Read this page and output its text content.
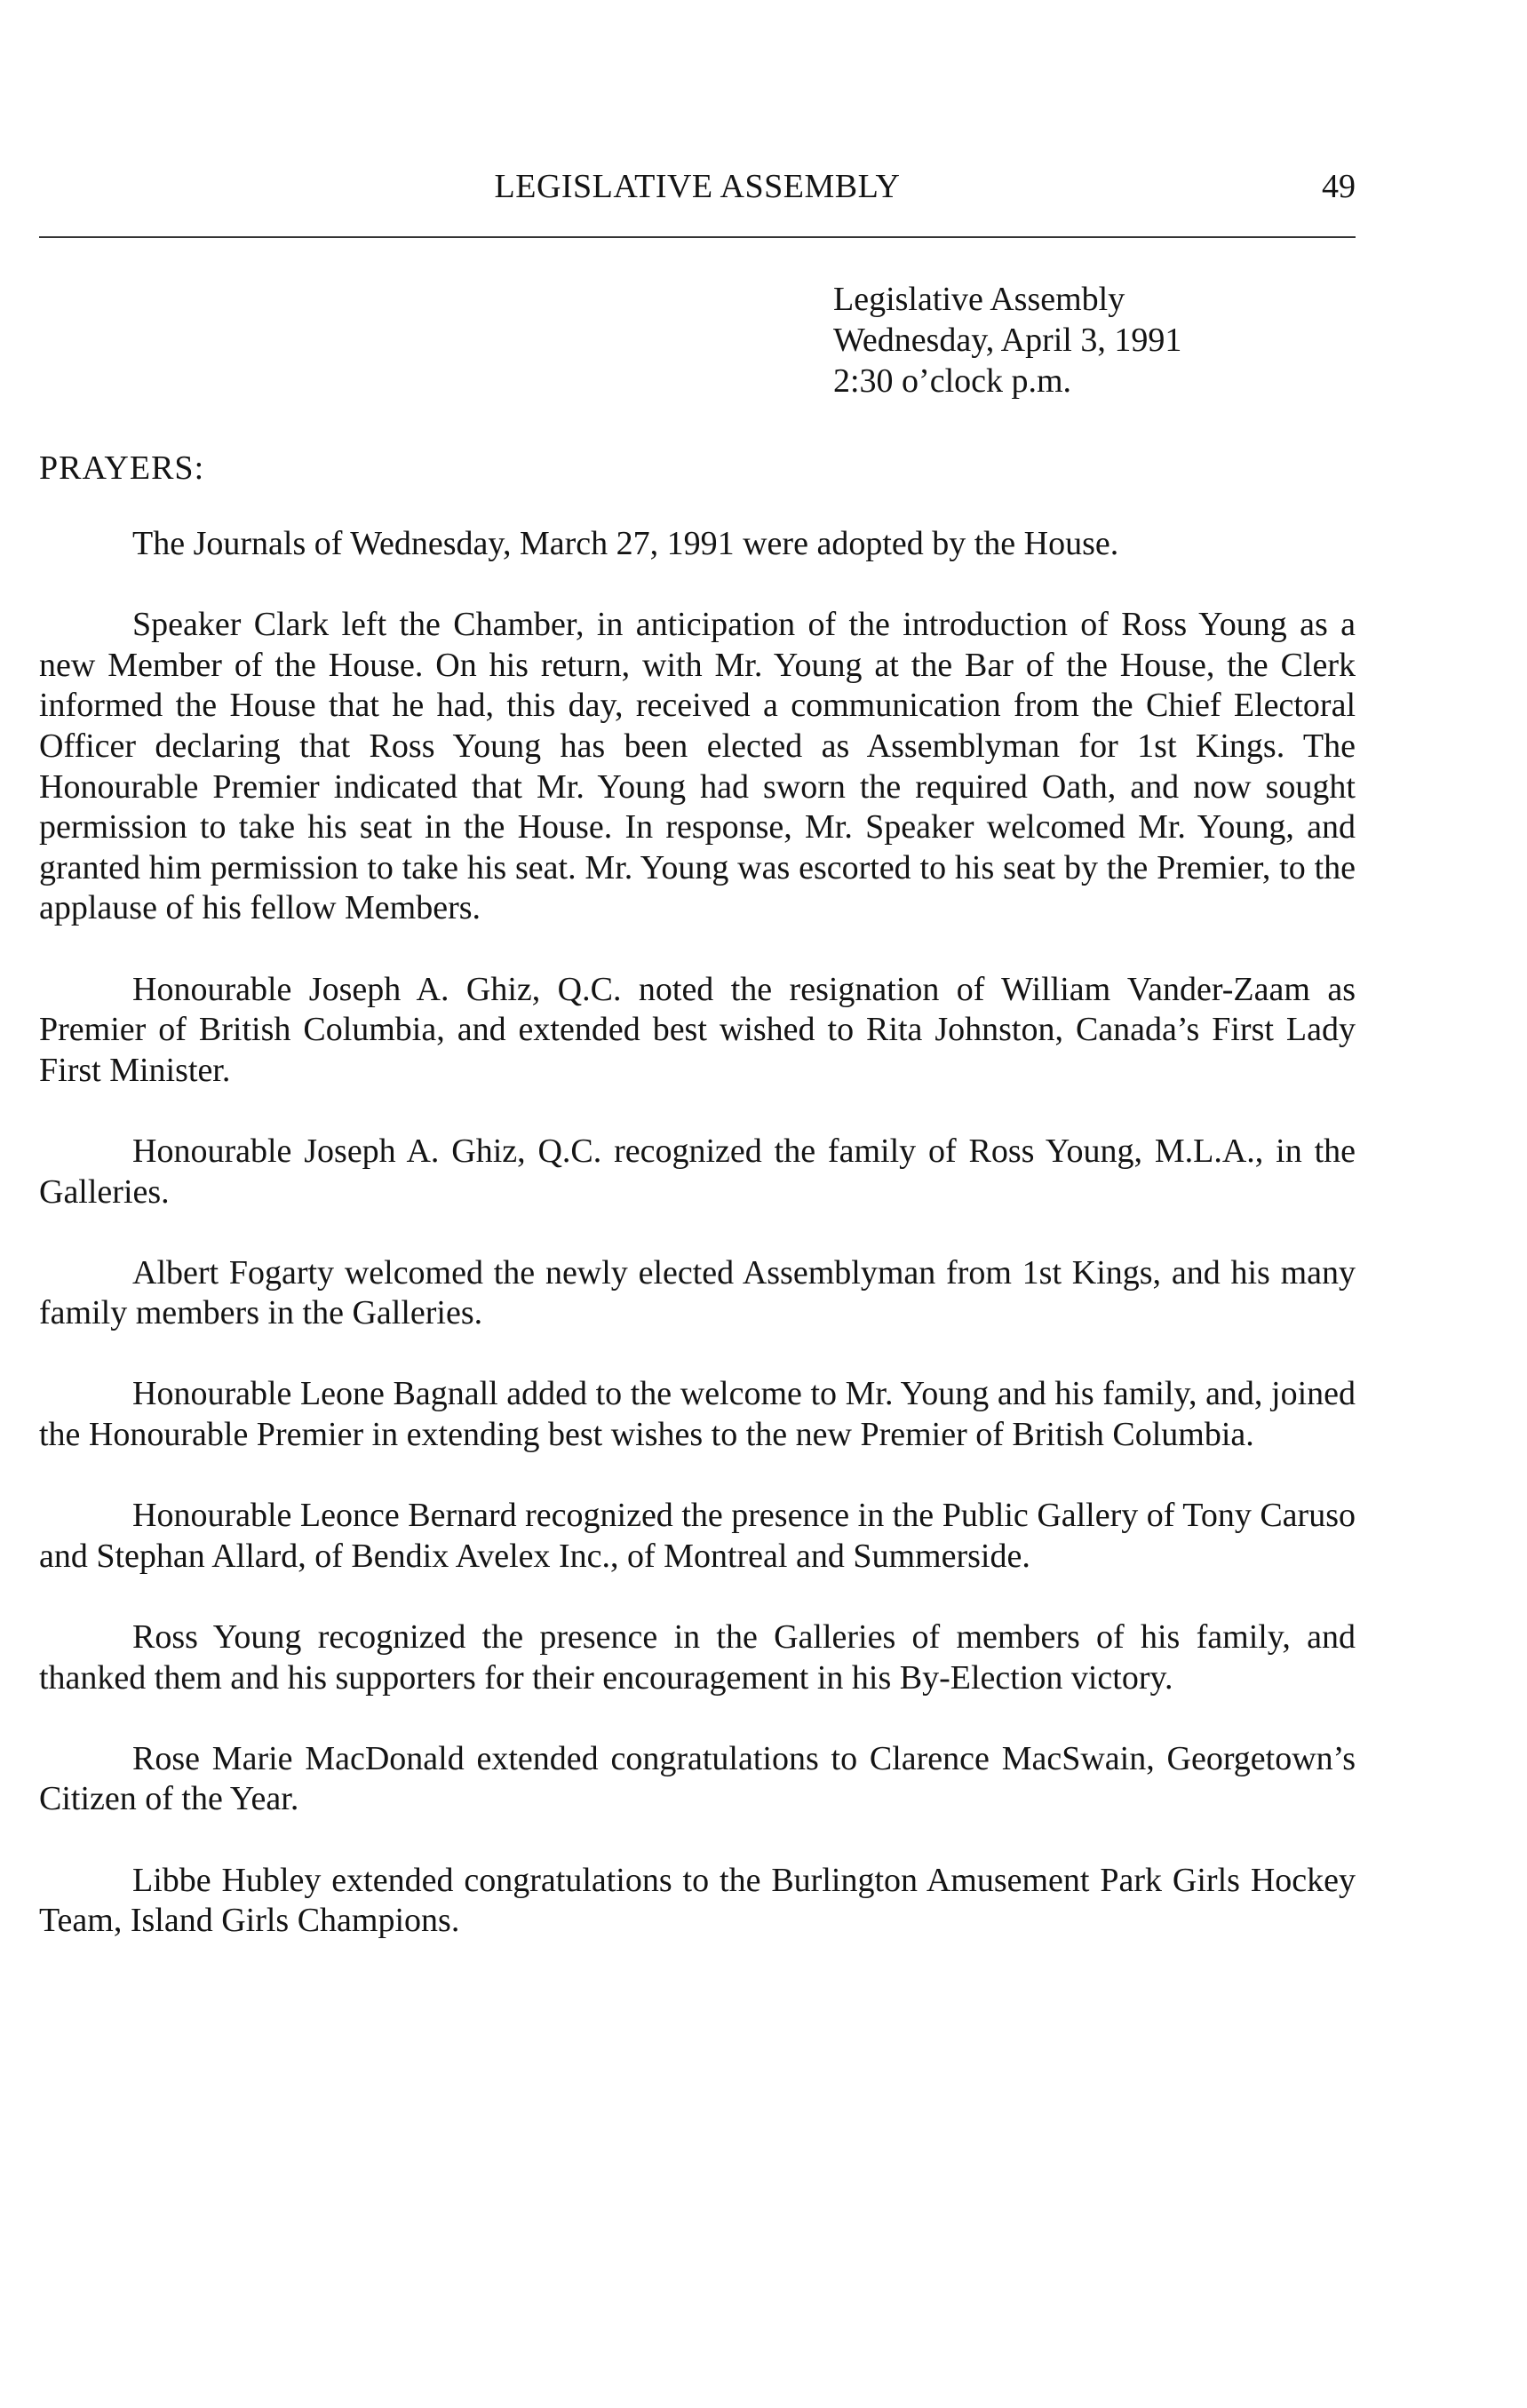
LEGISLATIVE ASSEMBLY	49
Legislative Assembly
Wednesday, April 3, 1991
2:30 o’clock p.m.
PRAYERS:

The Journals of Wednesday, March 27, 1991 were adopted by the House.

Speaker Clark left the Chamber, in anticipation of the introduction of Ross Young as a new Member of the House. On his return, with Mr. Young at the Bar of the House, the Clerk informed the House that he had, this day, received a communication from the Chief Electoral Officer declaring that Ross Young has been elected as Assemblyman for 1st Kings. The Honourable Premier indicated that Mr. Young had sworn the required Oath, and now sought permission to take his seat in the House. In response, Mr. Speaker welcomed Mr. Young, and granted him permission to take his seat. Mr. Young was escorted to his seat by the Premier, to the applause of his fellow Members.

Honourable Joseph A. Ghiz, Q.C. noted the resignation of William Vander-Zaam as Premier of British Columbia, and extended best wished to Rita Johnston, Canada’s First Lady First Minister.

Honourable Joseph A. Ghiz, Q.C. recognized the family of Ross Young, M.L.A., in the Galleries.

Albert Fogarty welcomed the newly elected Assemblyman from 1st Kings, and his many family members in the Galleries.

Honourable Leone Bagnall added to the welcome to Mr. Young and his family, and, joined the Honourable Premier in extending best wishes to the new Premier of British Columbia.

Honourable Leonce Bernard recognized the presence in the Public Gallery of Tony Caruso and Stephan Allard, of Bendix Avelex Inc., of Montreal and Summerside.

Ross Young recognized the presence in the Galleries of members of his family, and thanked them and his supporters for their encouragement in his By-Election victory.

Rose Marie MacDonald extended congratulations to Clarence MacSwain, Georgetown’s Citizen of the Year.

Libbe Hubley extended congratulations to the Burlington Amusement Park Girls Hockey Team, Island Girls Champions.
